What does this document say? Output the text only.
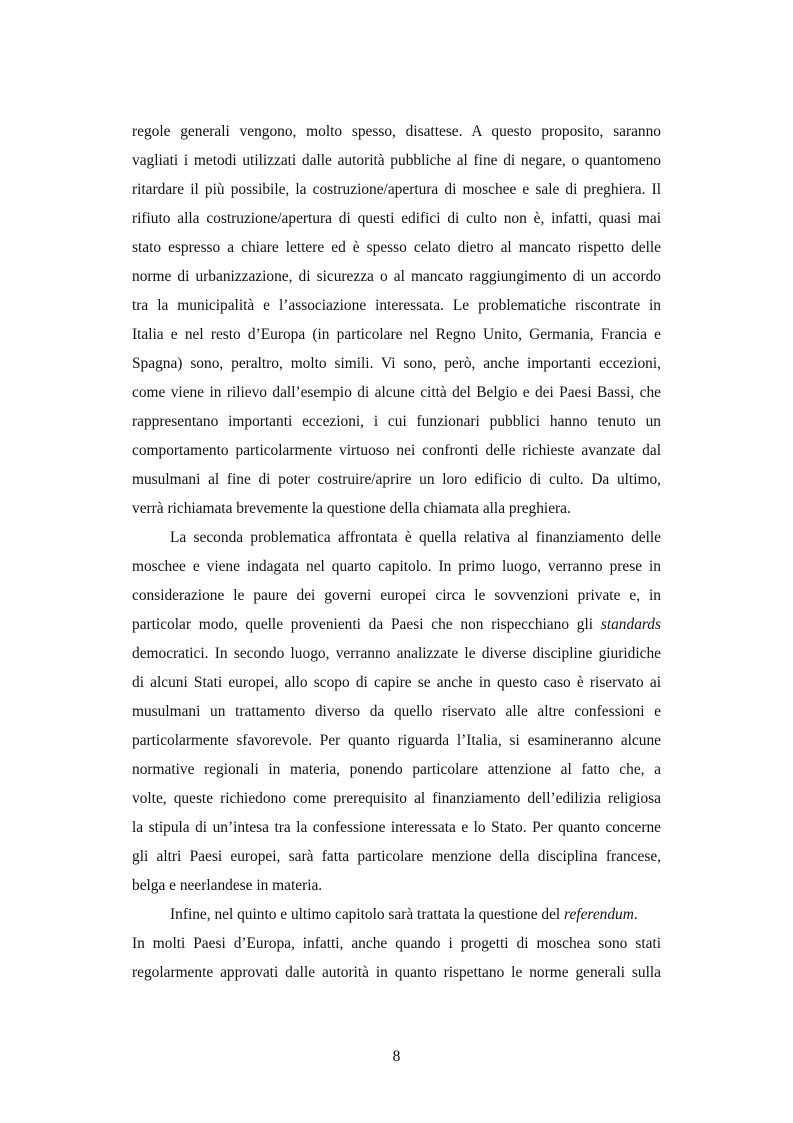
regole generali vengono, molto spesso, disattese. A questo proposito, saranno
vagliati i metodi utilizzati dalle autorità pubbliche al fine di negare, o quantomeno
ritardare il più possibile, la costruzione/apertura di moschee e sale di preghiera. Il
rifiuto alla costruzione/apertura di questi edifici di culto non è, infatti, quasi mai
stato espresso a chiare lettere ed è spesso celato dietro al mancato rispetto delle
norme di urbanizzazione, di sicurezza o al mancato raggiungimento di un accordo
tra la municipalità e l’associazione interessata. Le problematiche riscontrate in
Italia e nel resto d’Europa (in particolare nel Regno Unito, Germania, Francia e
Spagna) sono, peraltro, molto simili. Vi sono, però, anche importanti eccezioni,
come viene in rilievo dall’esempio di alcune città del Belgio e dei Paesi Bassi, che
rappresentano importanti eccezioni, i cui funzionari pubblici hanno tenuto un
comportamento particolarmente virtuoso nei confronti delle richieste avanzate dal
musulmani al fine di poter costruire/aprire un loro edificio di culto. Da ultimo,
verrà richiamata brevemente la questione della chiamata alla preghiera.
La seconda problematica affrontata è quella relativa al finanziamento delle
moschee e viene indagata nel quarto capitolo. In primo luogo, verranno prese in
considerazione le paure dei governi europei circa le sovvenzioni private e, in
particolar modo, quelle provenienti da Paesi che non rispecchiano gli standards
democratici. In secondo luogo, verranno analizzate le diverse discipline giuridiche
di alcuni Stati europei, allo scopo di capire se anche in questo caso è riservato ai
musulmani un trattamento diverso da quello riservato alle altre confessioni e
particolarmente sfavorevole. Per quanto riguarda l’Italia, si esamineranno alcune
normative regionali in materia, ponendo particolare attenzione al fatto che, a
volte, queste richiedono come prerequisito al finanziamento dell’edilizia religiosa
la stipula di un’intesa tra la confessione interessata e lo Stato. Per quanto concerne
gli altri Paesi europei, sarà fatta particolare menzione della disciplina francese,
belga e neerlandese in materia.
Infine, nel quinto e ultimo capitolo sarà trattata la questione del referendum.
In molti Paesi d’Europa, infatti, anche quando i progetti di moschea sono stati
regolarmente approvati dalle autorità in quanto rispettano le norme generali sulla
8
